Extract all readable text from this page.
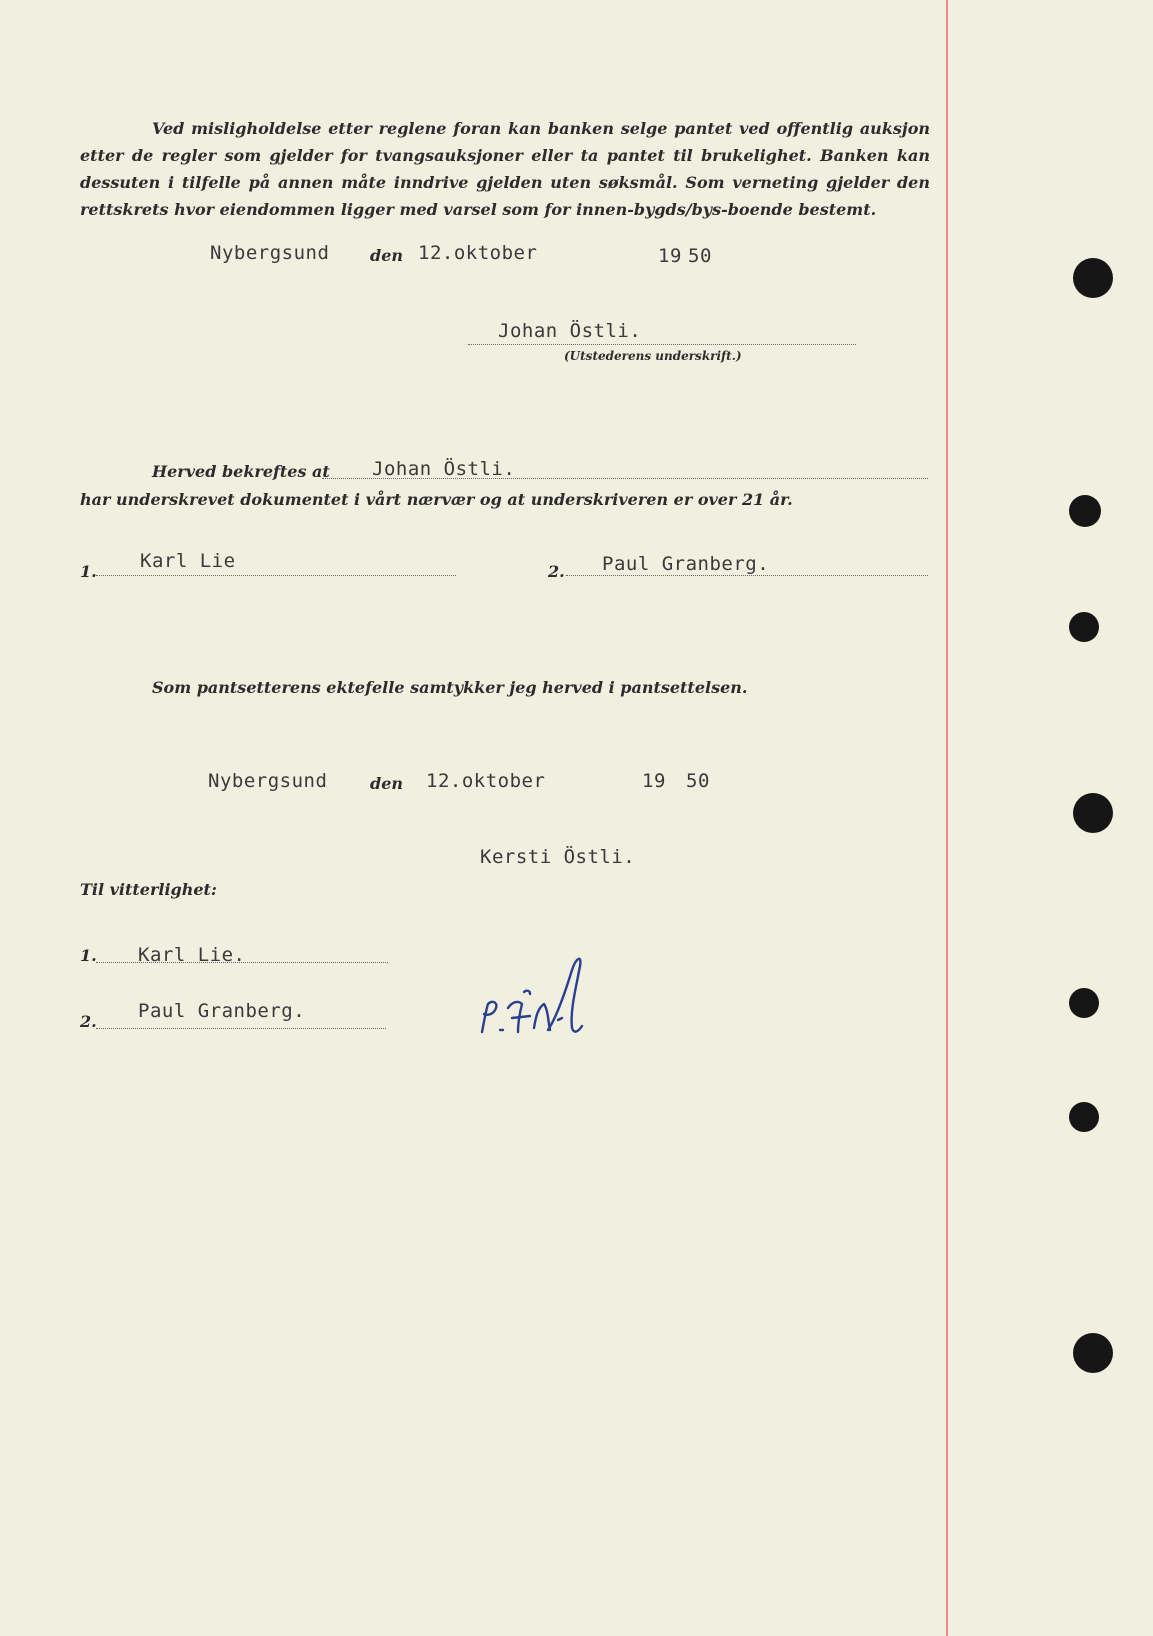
Ved misligholdelse etter reglene foran kan banken selge pantet ved offentlig auksjon etter de regler som gjelder for tvangsauksjoner eller ta pantet til brukelighet. Banken kan dessuten i tilfelle på annen måte inndrive gjelden uten søksmål. Som verneting gjelder den rettskrets hvor eiendommen ligger med varsel som for innen-bygds/bys-boende bestemt.
Nybergsund	den 12.oktober	19 50
Johan Östli.
(Utstederens underskrift.)
Herved bekreftes at Johan Östli.
har underskrevet dokumentet i vårt nærvær og at underskriveren er over 21 år.
1. Karl Lie	2. Paul Granberg.
Som pantsetterens ektefelle samtykker jeg herved i pantsettelsen.
Nybergsund	den 12.oktober	19 50
Kersti Östli.
Til vitterlighet:
1. Karl Lie.
2. Paul Granberg.
